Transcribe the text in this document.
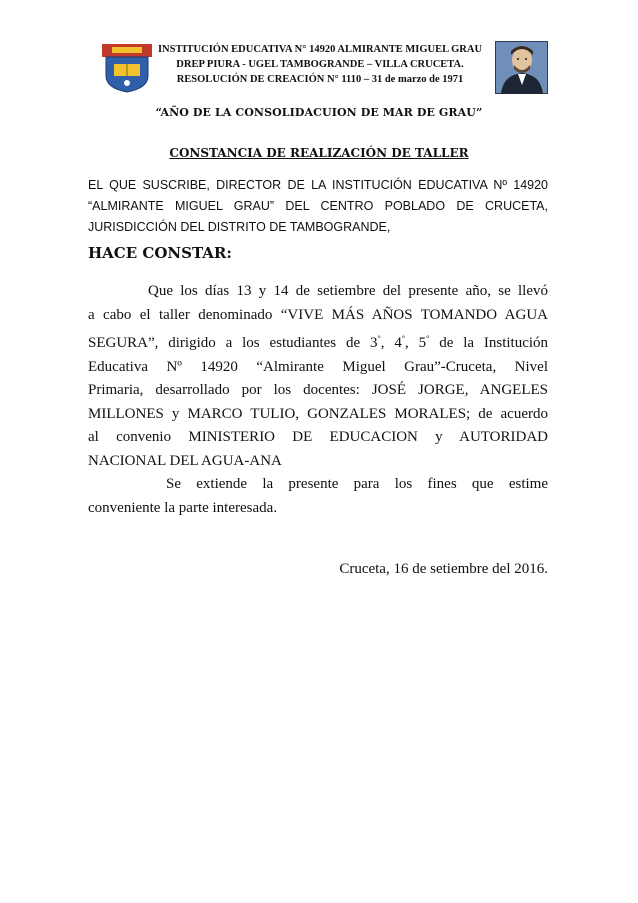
INSTITUCIÓN EDUCATIVA N° 14920 ALMIRANTE MIGUEL GRAU
DREP PIURA - UGEL TAMBOGRANDE – VILLA CRUCETA.
RESOLUCIÓN DE CREACIÓN N° 1110 – 31 de marzo de 1971
“AÑO DE LA CONSOLIDACUION DE MAR DE GRAU”
CONSTANCIA DE REALIZACIÓN DE TALLER
EL QUE SUSCRIBE, DIRECTOR DE LA INSTITUCIÓN EDUCATIVA Nº 14920
“ALMIRANTE MIGUEL GRAU” DEL CENTRO POBLADO DE CRUCETA,
JURISDICCIÓN DEL DISTRITO DE TAMBOGRANDE,
HACE CONSTAR:
Que los días 13 y 14 de setiembre del presente año, se llevó
a cabo el taller denominado “VIVE MÁS AÑOS TOMANDO AGUA
SEGURA”, dirigido a los estudiantes de 3°, 4°, 5° de la Institución
Educativa Nº 14920 “Almirante Miguel Grau”-Cruceta, Nivel
Primaria, desarrollado por los docentes: JOSÉ JORGE, ANGELES
MILLONES y MARCO TULIO, GONZALES MORALES; de acuerdo
al convenio MINISTERIO DE EDUCACION y AUTORIDAD
NACIONAL DEL AGUA-ANA
Se extiende la presente para los fines que estime
conveniente la parte interesada.
Cruceta, 16 de setiembre del 2016.
